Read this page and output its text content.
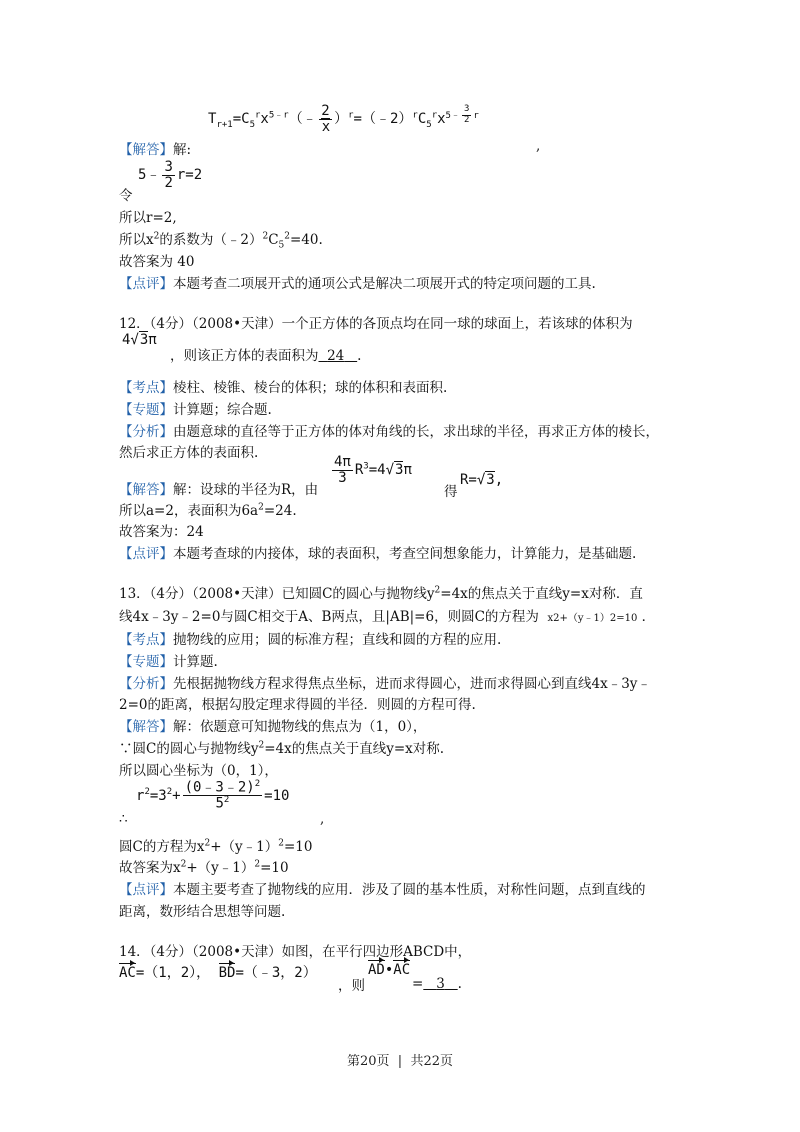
$T_{r+1}=C_5^rx^{5﹣r}(﹣ \frac{2}{x}$ ）$^r=(﹣2)^rC_5^rx^{5﹣ \frac{3}{2} r}$
,
【解答】解:
5﹣ $\frac{3}{2} r=2$
令
所以r=2,
所以$x^2$的系数为$(﹣2)^2C_5^2=40$.
故答案为 40
【点评】本题考查二项展开式的通项公式是解决二项展开式的特定项问题的工具.
12．（4分）（2008•天津）一个正方体的各顶点均在同一球的球面上，若该球的体积为
4√3π
，则该正方体的表面积为 24 .
【考点】棱柱、棱锥、棱台的体积；球的体积和表面积.
【专题】计算题；综合题.
【分析】由题意球的直径等于正方体的体对角线的长，求出球的半径，再求正方体的棱长，
然后求正方体的表面积.
【解答】解：设球的半径为R，由
$\frac{4\pi}{3} R^3=4√3\pi$
得
R=√3,
所以a=2，表面积为$6a^2=24$.
故答案为：24
【点评】本题考查球的内接体，球的表面积，考查空间想象能力，计算能力，是基础题.
13．（4分）（2008•天津）已知圆C的圆心与抛物线$y^2=4x$的焦点关于直线y=x对称．直
线4x﹣3y﹣2=0与圆C相交于A、B两点，且|AB|=6，则圆C的方程为 x2+（y﹣1）2=10 ．
【考点】抛物线的应用；圆的标准方程；直线和圆的方程的应用.
【专题】计算题.
【分析】先根据抛物线方程求得焦点坐标，进而求得圆心，进而求得圆心到直线4x﹣3y﹣
2=0的距离，根据勾股定理求得圆的半径．则圆的方程可得.
【解答】解：依题意可知抛物线的焦点为（1，0），
∵圆C的圆心与抛物线$y^2=4x$的焦点关于直线y=x对称.
所以圆心坐标为（0，1），
$r^2=3^2+ \frac{(0﹣3﹣2)^2}{5^2} =10$
∴	,
圆C的方程为$x^2+(y﹣1)^2=10$
故答案为$x^2+(y﹣1)^2=10$
【点评】本题主要考查了抛物线的应用．涉及了圆的基本性质，对称性问题，点到直线的
距离，数形结合思想等问题.
14．（4分）（2008•天津）如图，在平行四边形ABCD中，
AC=（1，2）， BD=（﹣3，2）
，则
AD•AC
= 3 .
第20页 | 共22页
